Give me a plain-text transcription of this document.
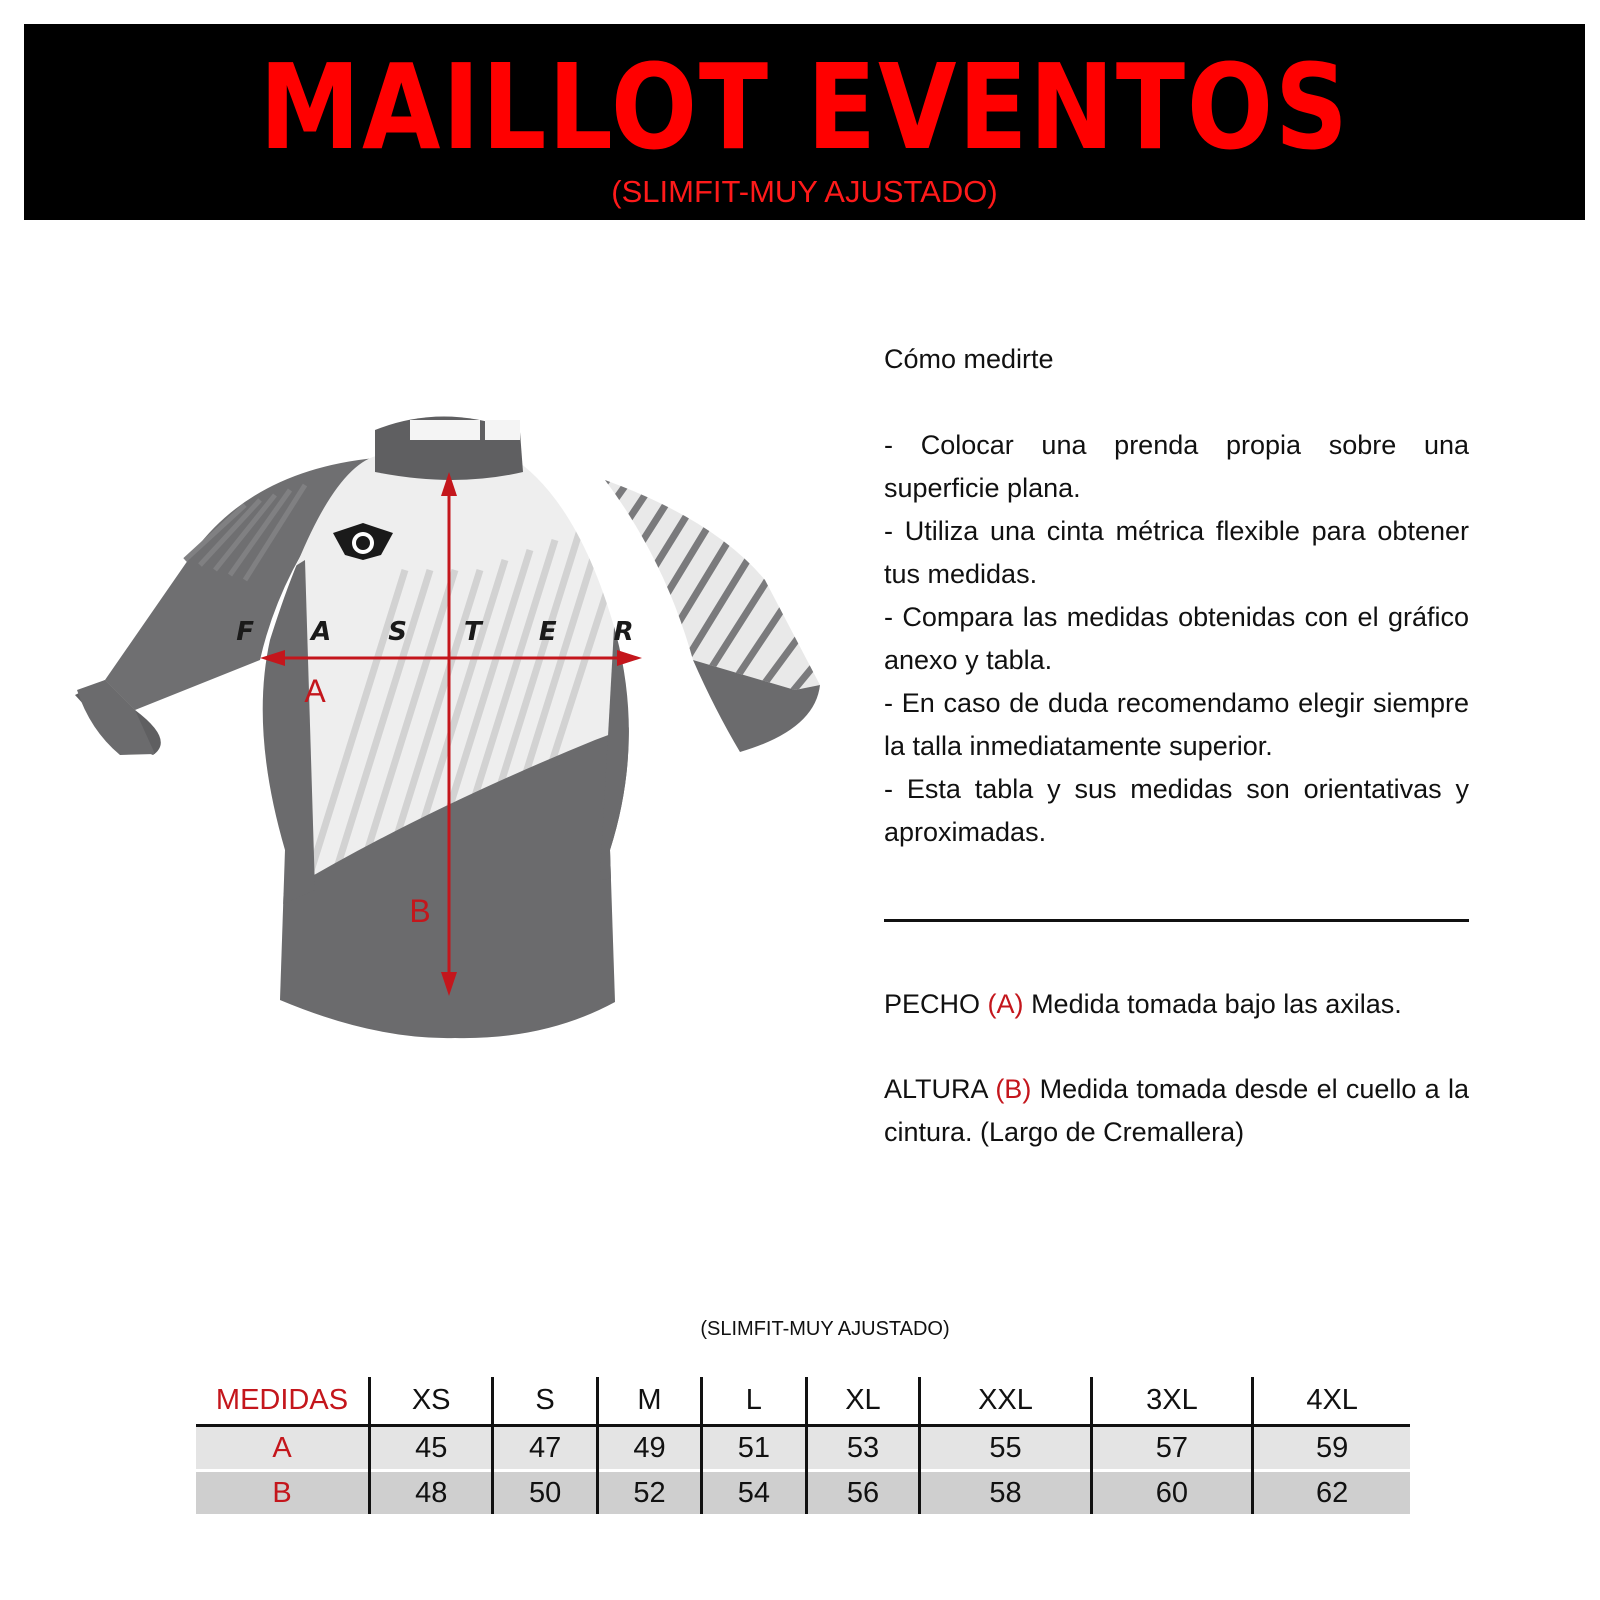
MAILLOT EVENTOS
(SLIMFIT-MUY AJUSTADO)
F A S T E R
A
B

Cómo medirte

- Colocar una prenda propia sobre una superficie plana.

- Utiliza una cinta métrica flexible para obtener tus medidas.

- Compara las medidas obtenidas con el gráfico anexo y tabla.

- En caso de duda recomendamo elegir siempre la talla inmediatamente superior.

- Esta tabla y sus medidas son orientativas y aproximadas.

PECHO (A) Medida tomada bajo las axilas.
ALTURA (B) Medida tomada desde el cuello a la cintura. (Largo de Cremallera)
(SLIMFIT-MUY AJUSTADO)
MEDIDAS	XS	S	M	L	XL	XXL	3XL	4XL
A	45	47	49	51	53	55	57	59
B	48	50	52	54	56	58	60	62
